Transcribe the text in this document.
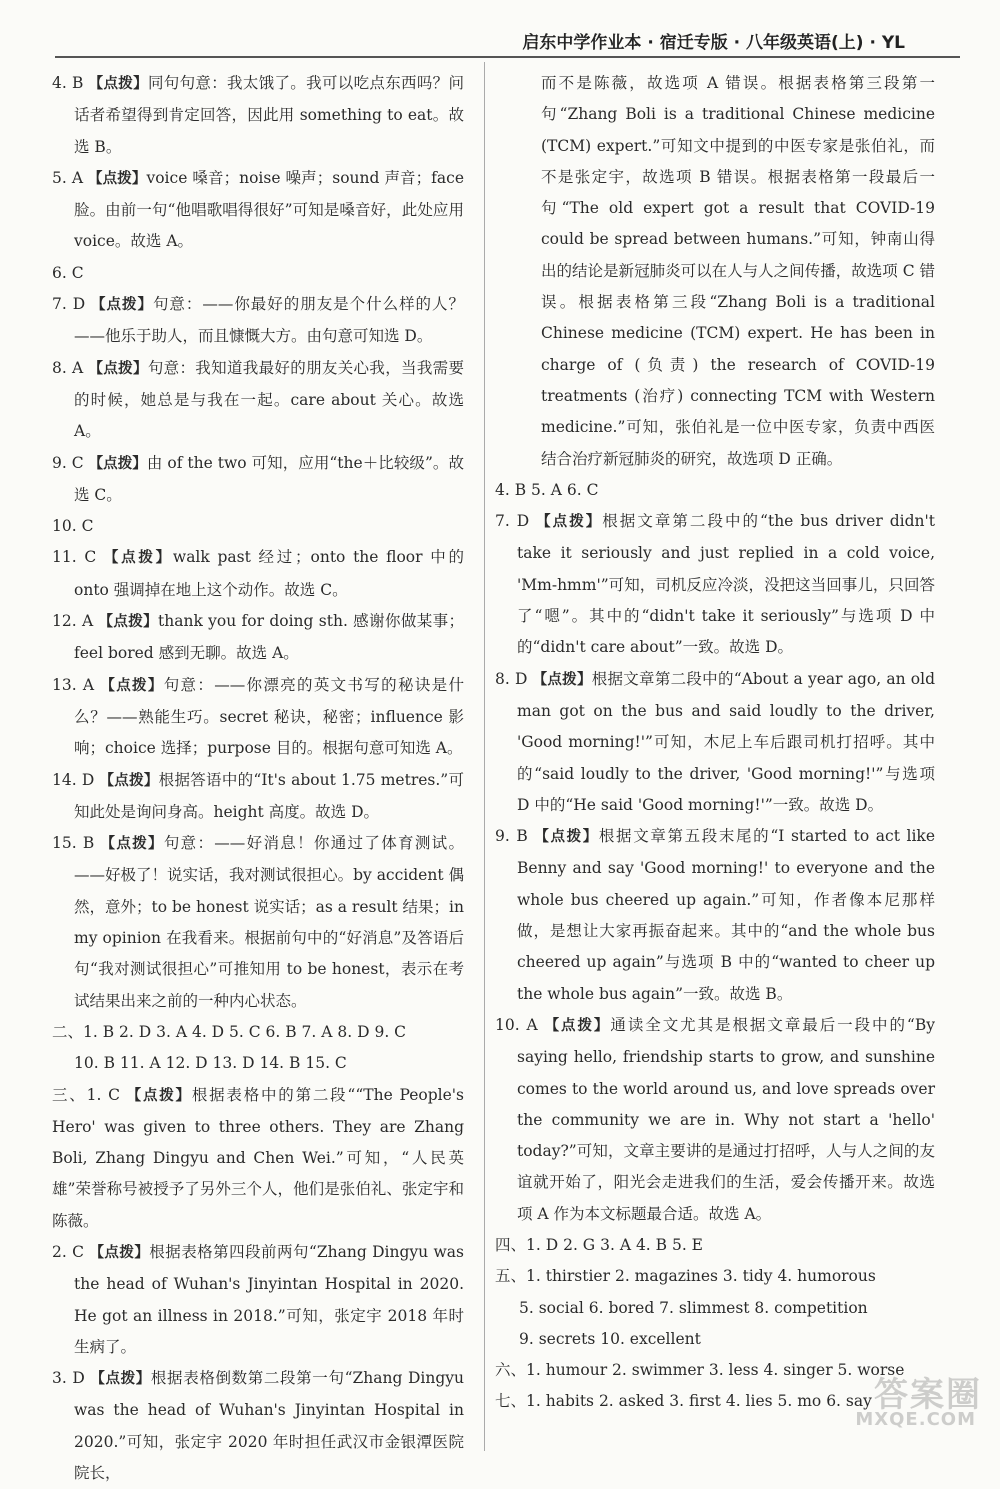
启东中学作业本 · 宿迁专版 · 八年级英语(上) · YL

4. B 【点拨】同句句意：我太饿了。我可以吃点东西吗？问话者希望得到肯定回答，因此用 something to eat。故选 B。

5. A 【点拨】voice 嗓音；noise 噪声；sound 声音；face 脸。由前一句“他唱歌唱得很好”可知是嗓音好，此处应用 voice。故选 A。

6. C

7. D 【点拨】句意：——你最好的朋友是个什么样的人？——他乐于助人，而且慷慨大方。由句意可知选 D。

8. A 【点拨】句意：我知道我最好的朋友关心我，当我需要的时候，她总是与我在一起。care about 关心。故选 A。

9. C 【点拨】由 of the two 可知，应用“the＋比较级”。故选 C。

10. C

11. C 【点拨】walk past 经过；onto the floor 中的 onto 强调掉在地上这个动作。故选 C。

12. A 【点拨】thank you for doing sth. 感谢你做某事；feel bored 感到无聊。故选 A。

13. A 【点拨】句意：——你漂亮的英文书写的秘诀是什么？——熟能生巧。secret 秘诀，秘密；influence 影响；choice 选择；purpose 目的。根据句意可知选 A。

14. D 【点拨】根据答语中的“It's about 1.75 metres.”可知此处是询问身高。height 高度。故选 D。

15. B 【点拨】句意：——好消息！你通过了体育测试。——好极了！说实话，我对测试很担心。by accident 偶然，意外；to be honest 说实话；as a result 结果；in my opinion 在我看来。根据前句中的“好消息”及答语后句“我对测试很担心”可推知用 to be honest，表示在考试结果出来之前的一种内心状态。

二、1. B 2. D 3. A 4. D 5. C 6. B 7. A 8. D 9. C

10. B 11. A 12. D 13. D 14. B 15. C

三、1. C 【点拨】根据表格中的第二段““The People's Hero' was given to three others. They are Zhang Boli, Zhang Dingyu and Chen Wei.”可知，“人民英雄”荣誉称号被授予了另外三个人，他们是张伯礼、张定宇和陈薇。

2. C 【点拨】根据表格第四段前两句“Zhang Dingyu was the head of Wuhan's Jinyintan Hospital in 2020. He got an illness in 2018.”可知，张定宇 2018 年时生病了。

3. D 【点拨】根据表格倒数第二段第一句“Zhang Dingyu was the head of Wuhan's Jinyintan Hospital in 2020.”可知，张定宇 2020 年时担任武汉市金银潭医院院长，

而不是陈薇，故选项 A 错误。根据表格第三段第一句“Zhang Boli is a traditional Chinese medicine (TCM) expert.”可知文中提到的中医专家是张伯礼，而不是张定宇，故选项 B 错误。根据表格第一段最后一句“The old expert got a result that COVID-19 could be spread between humans.”可知，钟南山得出的结论是新冠肺炎可以在人与人之间传播，故选项 C 错误。根据表格第三段“Zhang Boli is a traditional Chinese medicine (TCM) expert. He has been in charge of (负责) the research of COVID-19 treatments (治疗) connecting TCM with Western medicine.”可知，张伯礼是一位中医专家，负责中西医结合治疗新冠肺炎的研究，故选项 D 正确。

4. B 5. A 6. C

7. D 【点拨】根据文章第二段中的“the bus driver didn't take it seriously and just replied in a cold voice, 'Mm-hmm'”可知，司机反应冷淡，没把这当回事儿，只回答了“嗯”。其中的“didn't take it seriously”与选项 D 中的“didn't care about”一致。故选 D。

8. D 【点拨】根据文章第二段中的“About a year ago, an old man got on the bus and said loudly to the driver, 'Good morning!'”可知，木尼上车后跟司机打招呼。其中的“said loudly to the driver, 'Good morning!'”与选项 D 中的“He said 'Good morning!'”一致。故选 D。

9. B 【点拨】根据文章第五段末尾的“I started to act like Benny and say 'Good morning!' to everyone and the whole bus cheered up again.”可知，作者像本尼那样做，是想让大家再振奋起来。其中的“and the whole bus cheered up again”与选项 B 中的“wanted to cheer up the whole bus again”一致。故选 B。

10. A 【点拨】通读全文尤其是根据文章最后一段中的“By saying hello, friendship starts to grow, and sunshine comes to the world around us, and love spreads over the community we are in. Why not start a 'hello' today?”可知，文章主要讲的是通过打招呼，人与人之间的友谊就开始了，阳光会走进我们的生活，爱会传播开来。故选项 A 作为本文标题最合适。故选 A。

四、1. D 2. G 3. A 4. B 5. E

五、1. thirstier 2. magazines 3. tidy 4. humorous

5. social 6. bored 7. slimmest 8. competition

9. secrets 10. excellent

六、1. humour 2. swimmer 3. less 4. singer 5. worse

七、1. habits 2. asked 3. first 4. lies 5. mo 6. say 答案圈
MXQE.COM
